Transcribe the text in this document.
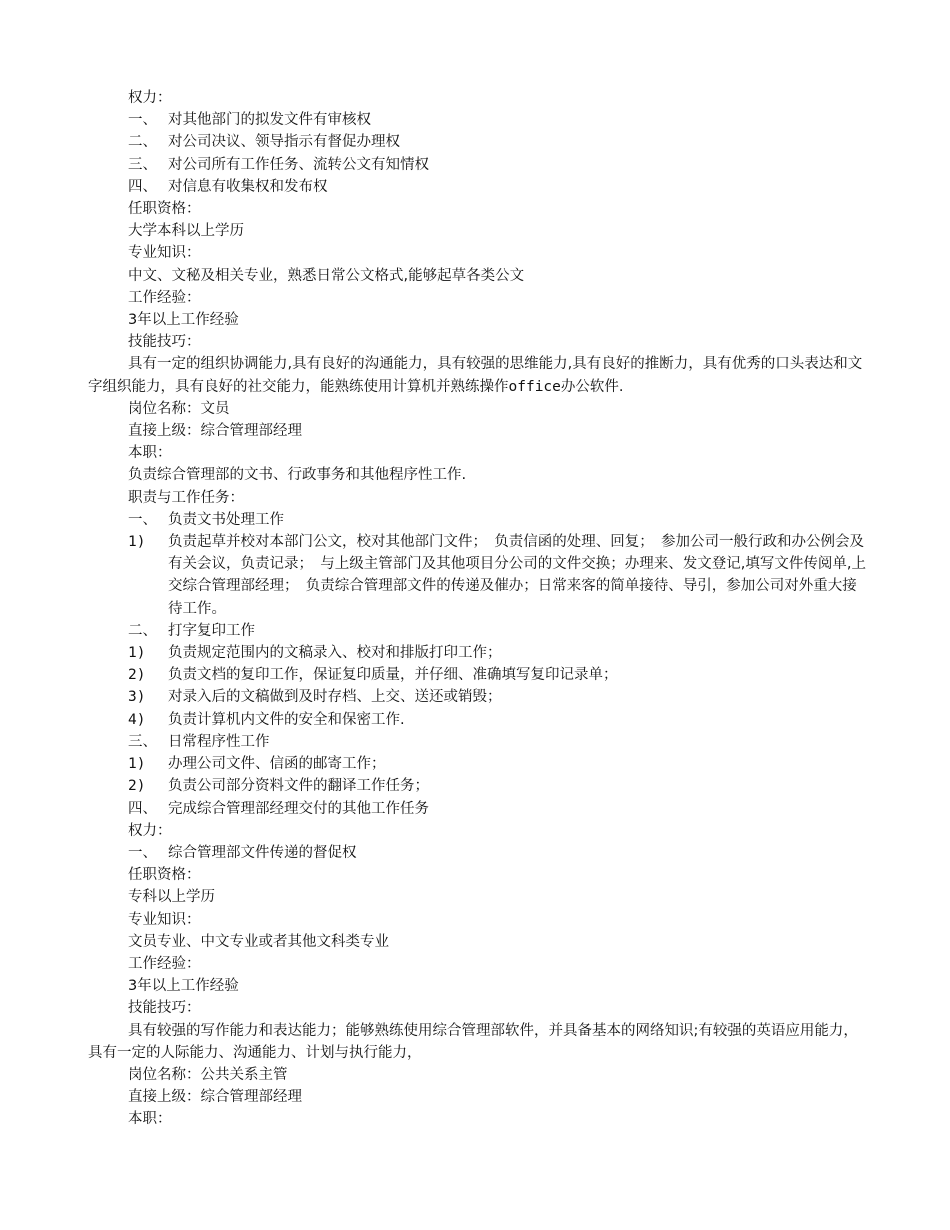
权力：
一、 对其他部门的拟发文件有审核权
二、 对公司决议、领导指示有督促办理权
三、 对公司所有工作任务、流转公文有知情权
四、 对信息有收集权和发布权
任职资格：
大学本科以上学历
专业知识：
中文、文秘及相关专业，熟悉日常公文格式,能够起草各类公文
工作经验：
3年以上工作经验
技能技巧：
具有一定的组织协调能力,具有良好的沟通能力，具有较强的思维能力,具有良好的推断力，具有优秀的口头表达和文字组织能力，具有良好的社交能力，能熟练使用计算机并熟练操作office办公软件.
岗位名称：文员
直接上级：综合管理部经理
本职：
负责综合管理部的文书、行政事务和其他程序性工作.
职责与工作任务：
一、 负责文书处理工作
1)	负责起草并校对本部门公文，校对其他部门文件；　负责信函的处理、回复；　参加公司一般行政和办公例会及有关会议，负责记录；　与上级主管部门及其他项目分公司的文件交换；办理来、发文登记,填写文件传阅单,上交综合管理部经理；　负责综合管理部文件的传递及催办；日常来客的简单接待、导引，参加公司对外重大接待工作。
二、 打字复印工作
1)	负责规定范围内的文稿录入、校对和排版打印工作；
2)	负责文档的复印工作，保证复印质量，并仔细、准确填写复印记录单；
3)	对录入后的文稿做到及时存档、上交、送还或销毁；
4)	负责计算机内文件的安全和保密工作.
三、 日常程序性工作
1)	办理公司文件、信函的邮寄工作；
2)	负责公司部分资料文件的翻译工作任务；
四、 完成综合管理部经理交付的其他工作任务
权力：
一、 综合管理部文件传递的督促权
任职资格：
专科以上学历
专业知识：
文员专业、中文专业或者其他文科类专业
工作经验：
3年以上工作经验
技能技巧：
具有较强的写作能力和表达能力；能够熟练使用综合管理部软件，并具备基本的网络知识;有较强的英语应用能力，具有一定的人际能力、沟通能力、计划与执行能力，
岗位名称：公共关系主管
直接上级：综合管理部经理
本职：
